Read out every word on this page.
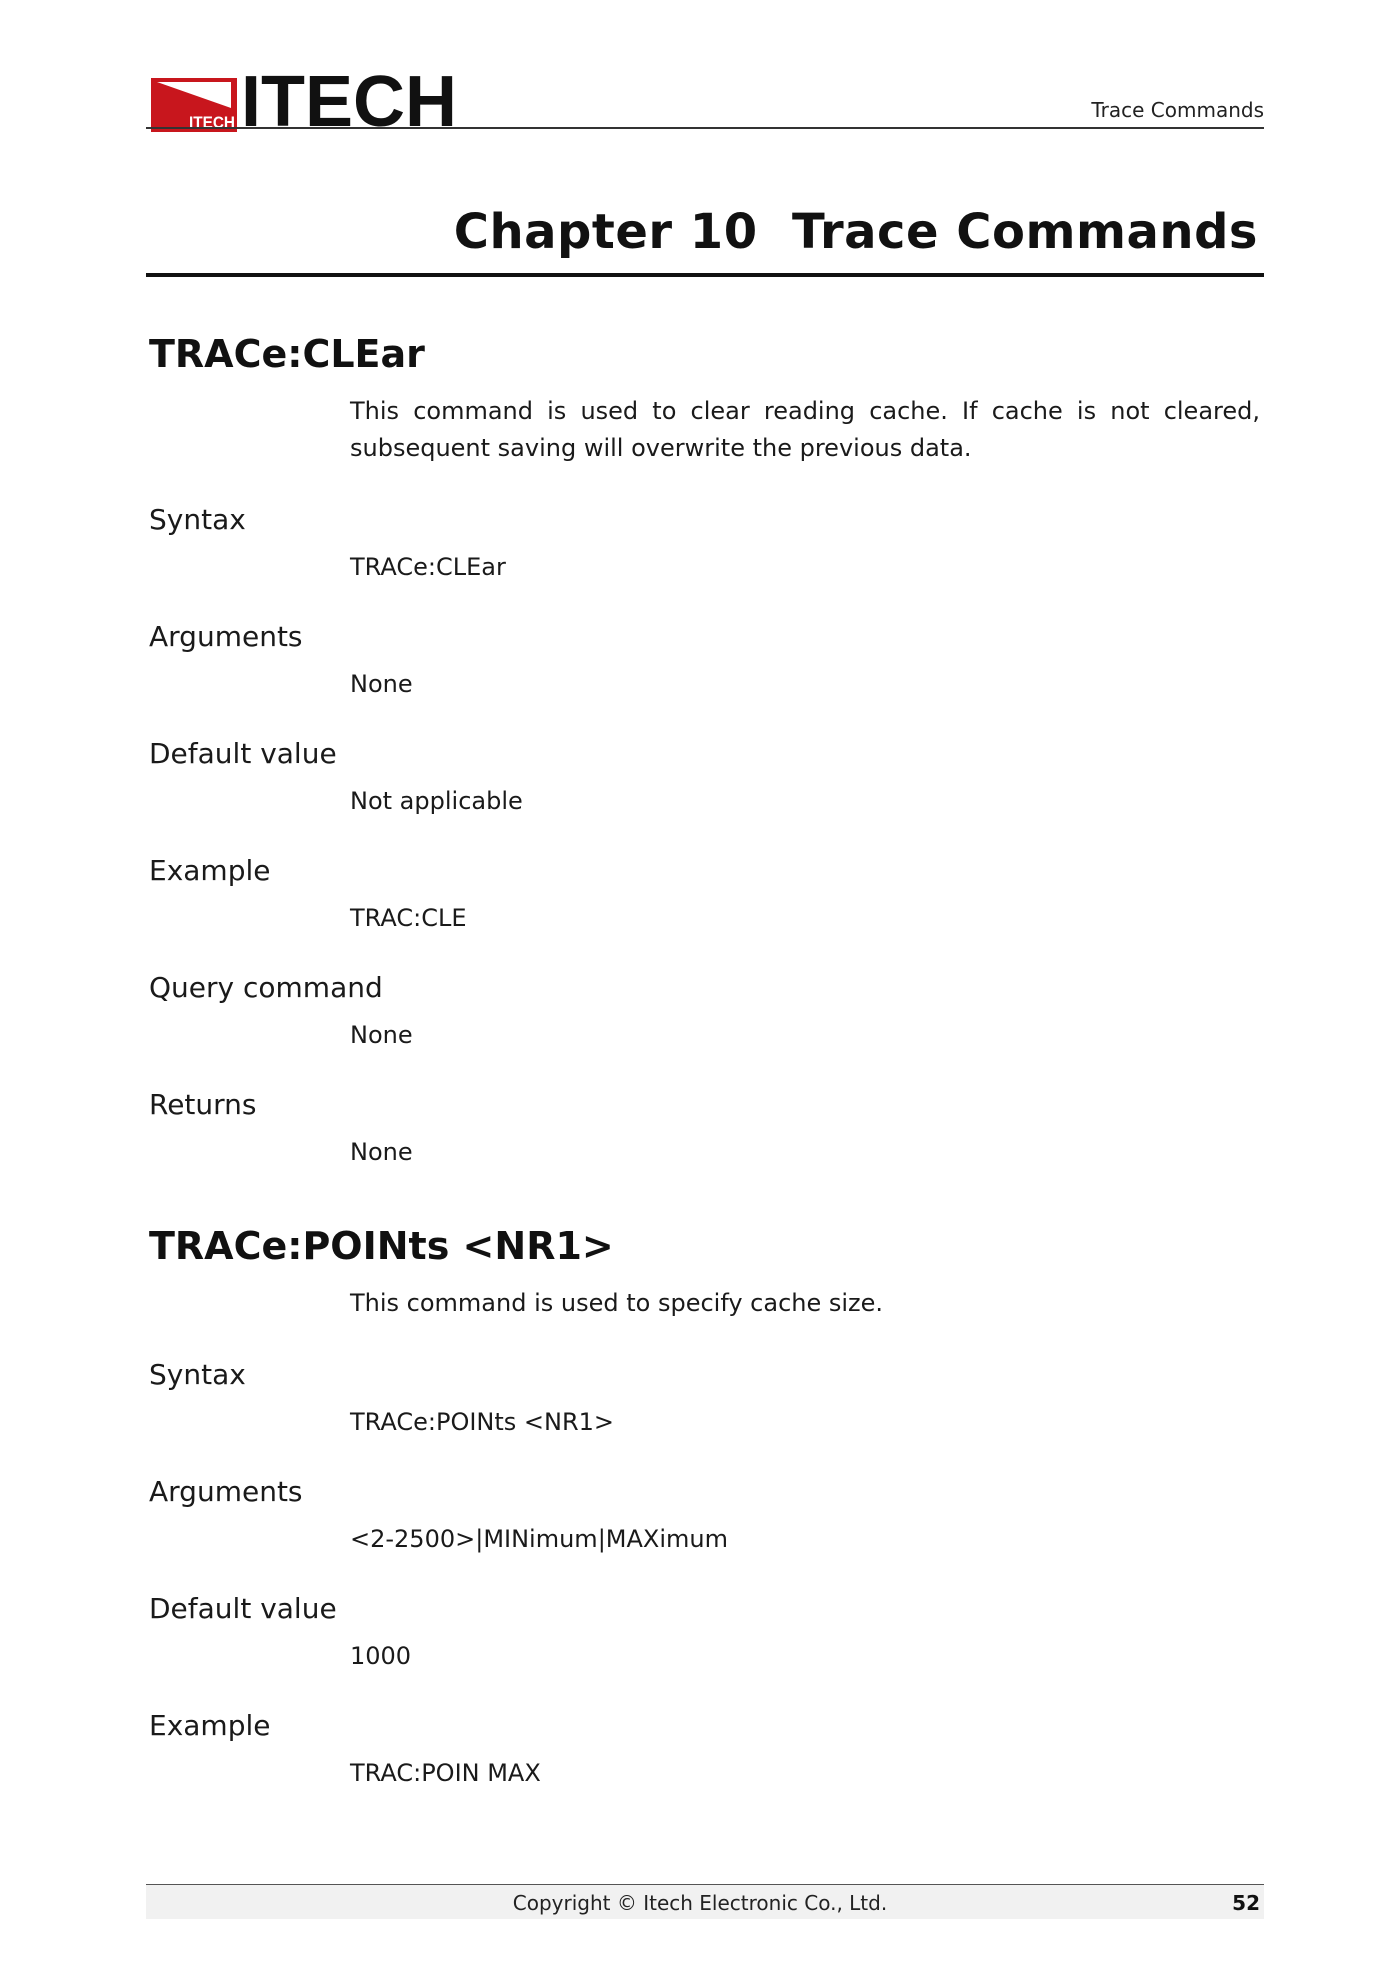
ITECH ITECH	Trace Commands
Chapter 10  Trace Commands
TRACe:CLEar
This command is used to clear reading cache. If cache is not cleared, subsequent saving will overwrite the previous data.
Syntax
TRACe:CLEar
Arguments
None
Default value
Not applicable
Example
TRAC:CLE
Query command
None
Returns
None
TRACe:POINts <NR1>
This command is used to specify cache size.
Syntax
TRACe:POINts <NR1>
Arguments
<2-2500>|MINimum|MAXimum
Default value
1000
Example
TRAC:POIN MAX
Copyright © Itech Electronic Co., Ltd.	52
